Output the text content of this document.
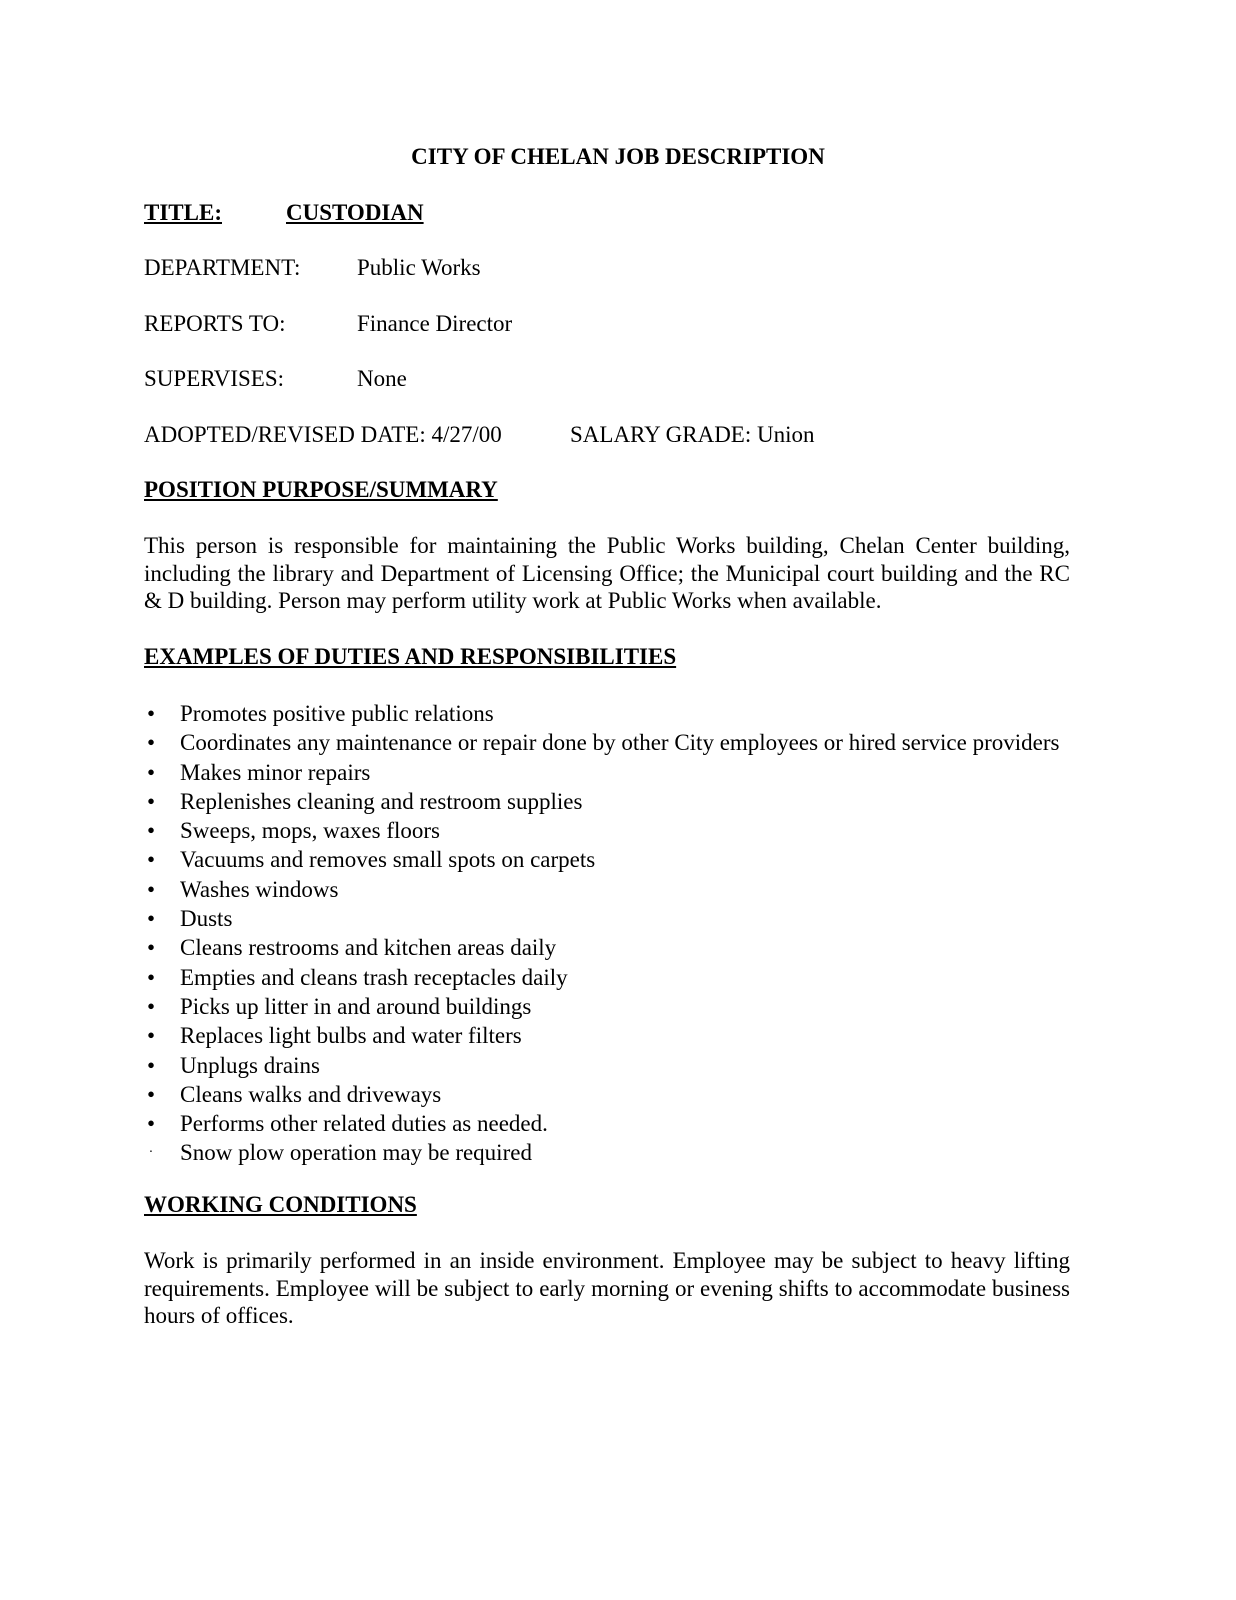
CITY OF CHELAN JOB DESCRIPTION
TITLE:	CUSTODIAN
DEPARTMENT: Public Works
REPORTS TO:	Finance Director
SUPERVISES:	None
ADOPTED/REVISED DATE: 4/27/00	SALARY GRADE: Union
POSITION PURPOSE/SUMMARY
This person is responsible for maintaining the Public Works building, Chelan Center building, including the library and Department of Licensing Office; the Municipal court building and the RC & D building. Person may perform utility work at Public Works when available.
EXAMPLES OF DUTIES AND RESPONSIBILITIES
• Promotes positive public relations
• Coordinates any maintenance or repair done by other City employees or hired service providers
• Makes minor repairs
• Replenishes cleaning and restroom supplies
• Sweeps, mops, waxes floors
• Vacuums and removes small spots on carpets
• Washes windows
• Dusts
• Cleans restrooms and kitchen areas daily
• Empties and cleans trash receptacles daily
• Picks up litter in and around buildings
• Replaces light bulbs and water filters
• Unplugs drains
• Cleans walks and driveways
• Performs other related duties as needed.
· Snow plow operation may be required
WORKING CONDITIONS
Work is primarily performed in an inside environment. Employee may be subject to heavy lifting requirements. Employee will be subject to early morning or evening shifts to accommodate business hours of offices.
